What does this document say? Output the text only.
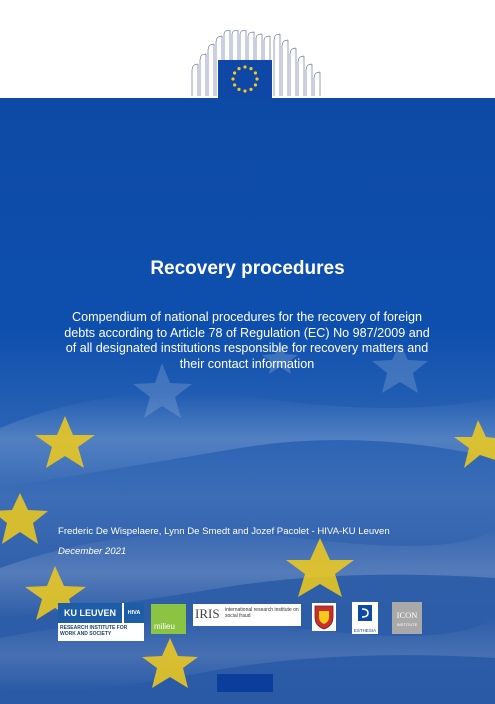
Recovery procedures

Compendium of national procedures for the recovery of foreign debts according to Article 78 of Regulation (EC) No 987/2009 and of all designated institutions responsible for recovery matters and their contact information

Frederic De Wispelaere, Lynn De Smedt and Jozef Pacolet - HIVA-KU Leuven
December 2021
KU LEUVEN	HIVA
RESEARCH INSTITUTE FOR WORK AND SOCIETY
milieu
IRIS international research institute on social fraud
ESTHESIA
ICON
INSTITUTE
